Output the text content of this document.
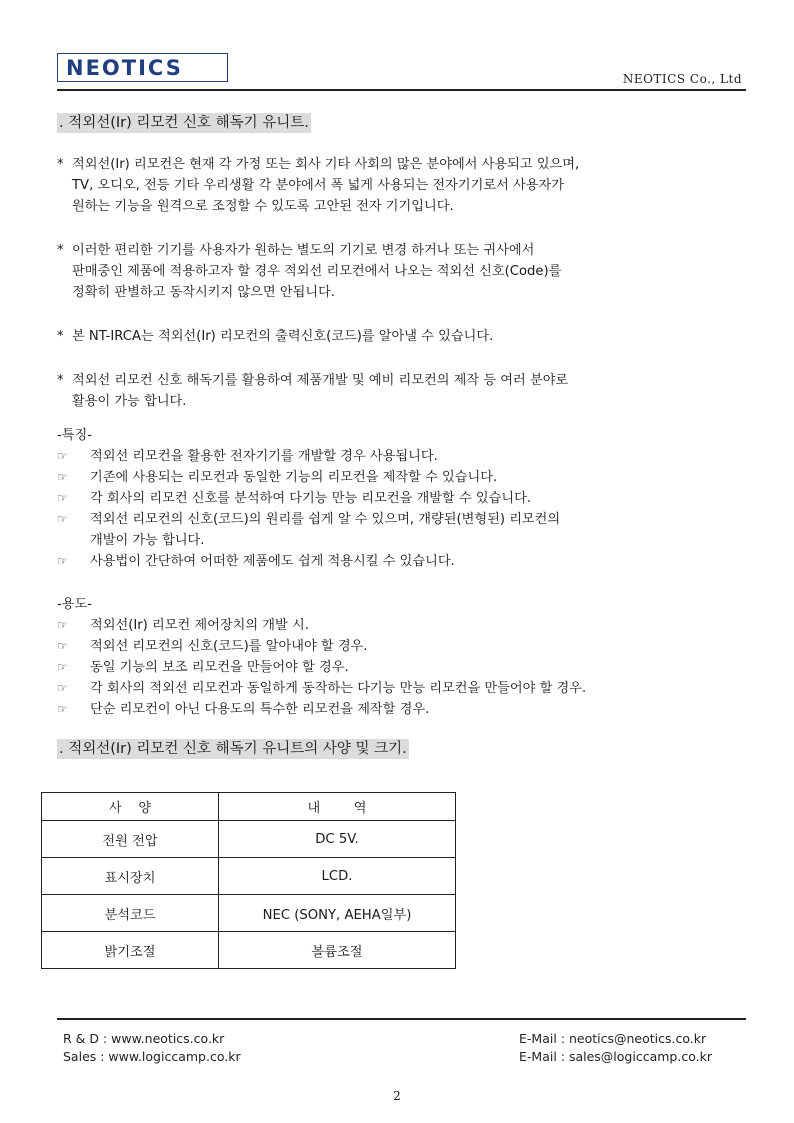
NEOTICS	NEOTICS Co., Ltd
. 적외선(Ir) 리모컨 신호 해독기 유니트.
* 적외선(Ir) 리모컨은 현재 각 가정 또는 회사 기타 사회의 많은 분야에서 사용되고 있으며,
TV, 오디오, 전등 기타 우리생활 각 분야에서 폭 넓게 사용되는 전자기기로서 사용자가
원하는 기능을 원격으로 조정할 수 있도록 고안된 전자 기기입니다.
* 이러한 편리한 기기를 사용자가 원하는 별도의 기기로 변경 하거나 또는 귀사에서
판매중인 제품에 적용하고자 할 경우 적외선 리모컨에서 나오는 적외선 신호(Code)를
정확히 판별하고 동작시키지 않으면 안됩니다.
* 본 NT-IRCA는 적외선(Ir) 리모컨의 출력신호(코드)를 알아낼 수 있습니다.
* 적외선 리모컨 신호 해독기를 활용하여 제품개발 및 예비 리모컨의 제작 등 여러 분야로
활용이 가능 합니다.
-특징-
☞ 적외선 리모컨을 활용한 전자기기를 개발할 경우 사용됩니다.
☞ 기존에 사용되는 리모컨과 동일한 기능의 리모컨을 제작할 수 있습니다.
☞ 각 회사의 리모컨 신호를 분석하여 다기능 만능 리모컨을 개발할 수 있습니다.
☞ 적외선 리모컨의 신호(코드)의 원리를 쉽게 알 수 있으며, 개량된(변형된) 리모컨의
개발이 가능 합니다.
☞ 사용법이 간단하여 어떠한 제품에도 쉽게 적용시킬 수 있습니다.
-용도-
☞ 적외선(Ir) 리모컨 제어장치의 개발 시.
☞ 적외선 리모컨의 신호(코드)를 알아내야 할 경우.
☞ 동일 기능의 보조 리모컨을 만들어야 할 경우.
☞ 각 회사의 적외선 리모컨과 동일하게 동작하는 다기능 만능 리모컨을 만들어야 할 경우.
☞ 단순 리모컨이 아닌 다용도의 특수한 리모컨을 제작할 경우.
. 적외선(Ir) 리모컨 신호 해독기 유니트의 사양 및 크기.
사    양	내        역
전원 전압	DC 5V.
표시장치	LCD.
분석코드	NEC (SONY, AEHA일부)
밝기조절	볼륨조절
R & D : www.neotics.co.kr
Sales : www.logiccamp.co.kr
E-Mail : neotics@neotics.co.kr
E-Mail : sales@logiccamp.co.kr
2
